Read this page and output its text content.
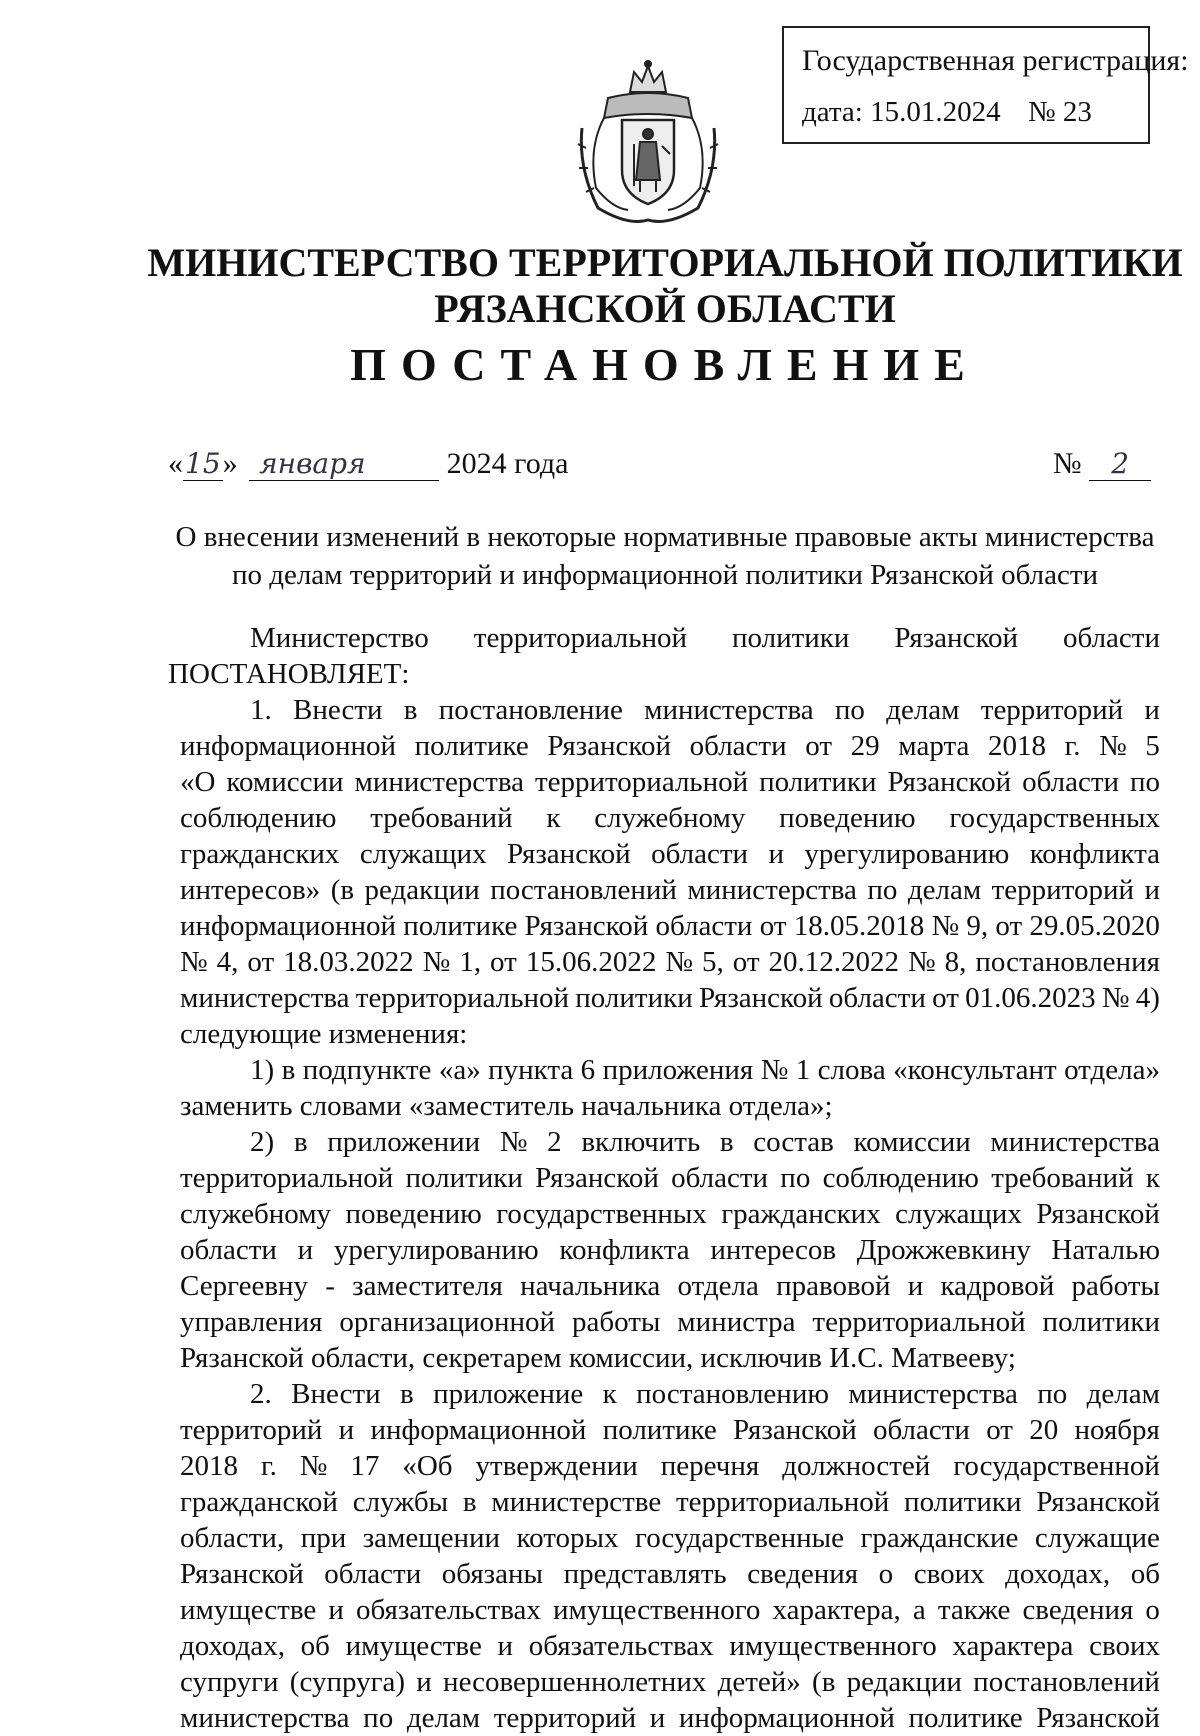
Государственная регистрация:
дата: 15.01.2024 № 23
МИНИСТЕРСТВО ТЕРРИТОРИАЛЬНОЙ ПОЛИТИКИ
РЯЗАНСКОЙ ОБЛАСТИ
ПОСТАНОВЛЕНИЕ
«15» января	2024 года	№ 2
О внесении изменений в некоторые нормативные правовые акты министерства
по делам территорий и информационной политики Рязанской области
Министерство территориальной политики Рязанской области
ПОСТАНОВЛЯЕТ:
1. Внести в постановление министерства по делам территорий и
информационной политике Рязанской области от 29 марта 2018 г. № 5
«О комиссии министерства территориальной политики Рязанской области по
соблюдению требований к служебному поведению государственных
гражданских служащих Рязанской области и урегулированию конфликта
интересов» (в редакции постановлений министерства по делам территорий и
информационной политике Рязанской области от 18.05.2018 № 9, от 29.05.2020
№ 4, от 18.03.2022 № 1, от 15.06.2022 № 5, от 20.12.2022 № 8, постановления
министерства территориальной политики Рязанской области от 01.06.2023 № 4)
следующие изменения:
1) в подпункте «а» пункта 6 приложения № 1 слова «консультант отдела»
заменить словами «заместитель начальника отдела»;
2) в приложении № 2 включить в состав комиссии министерства
территориальной политики Рязанской области по соблюдению требований к
служебному поведению государственных гражданских служащих Рязанской
области и урегулированию конфликта интересов Дрожжевкину Наталью
Сергеевну - заместителя начальника отдела правовой и кадровой работы
управления организационной работы министра территориальной политики
Рязанской области, секретарем комиссии, исключив И.С. Матвееву;
2. Внести в приложение к постановлению министерства по делам
территорий и информационной политике Рязанской области от 20 ноября
2018 г. № 17 «Об утверждении перечня должностей государственной
гражданской службы в министерстве территориальной политики Рязанской
области, при замещении которых государственные гражданские служащие
Рязанской области обязаны представлять сведения о своих доходах, об
имуществе и обязательствах имущественного характера, а также сведения о
доходах, об имуществе и обязательствах имущественного характера своих
супруги (супруга) и несовершеннолетних детей» (в редакции постановлений
министерства по делам территорий и информационной политике Рязанской
